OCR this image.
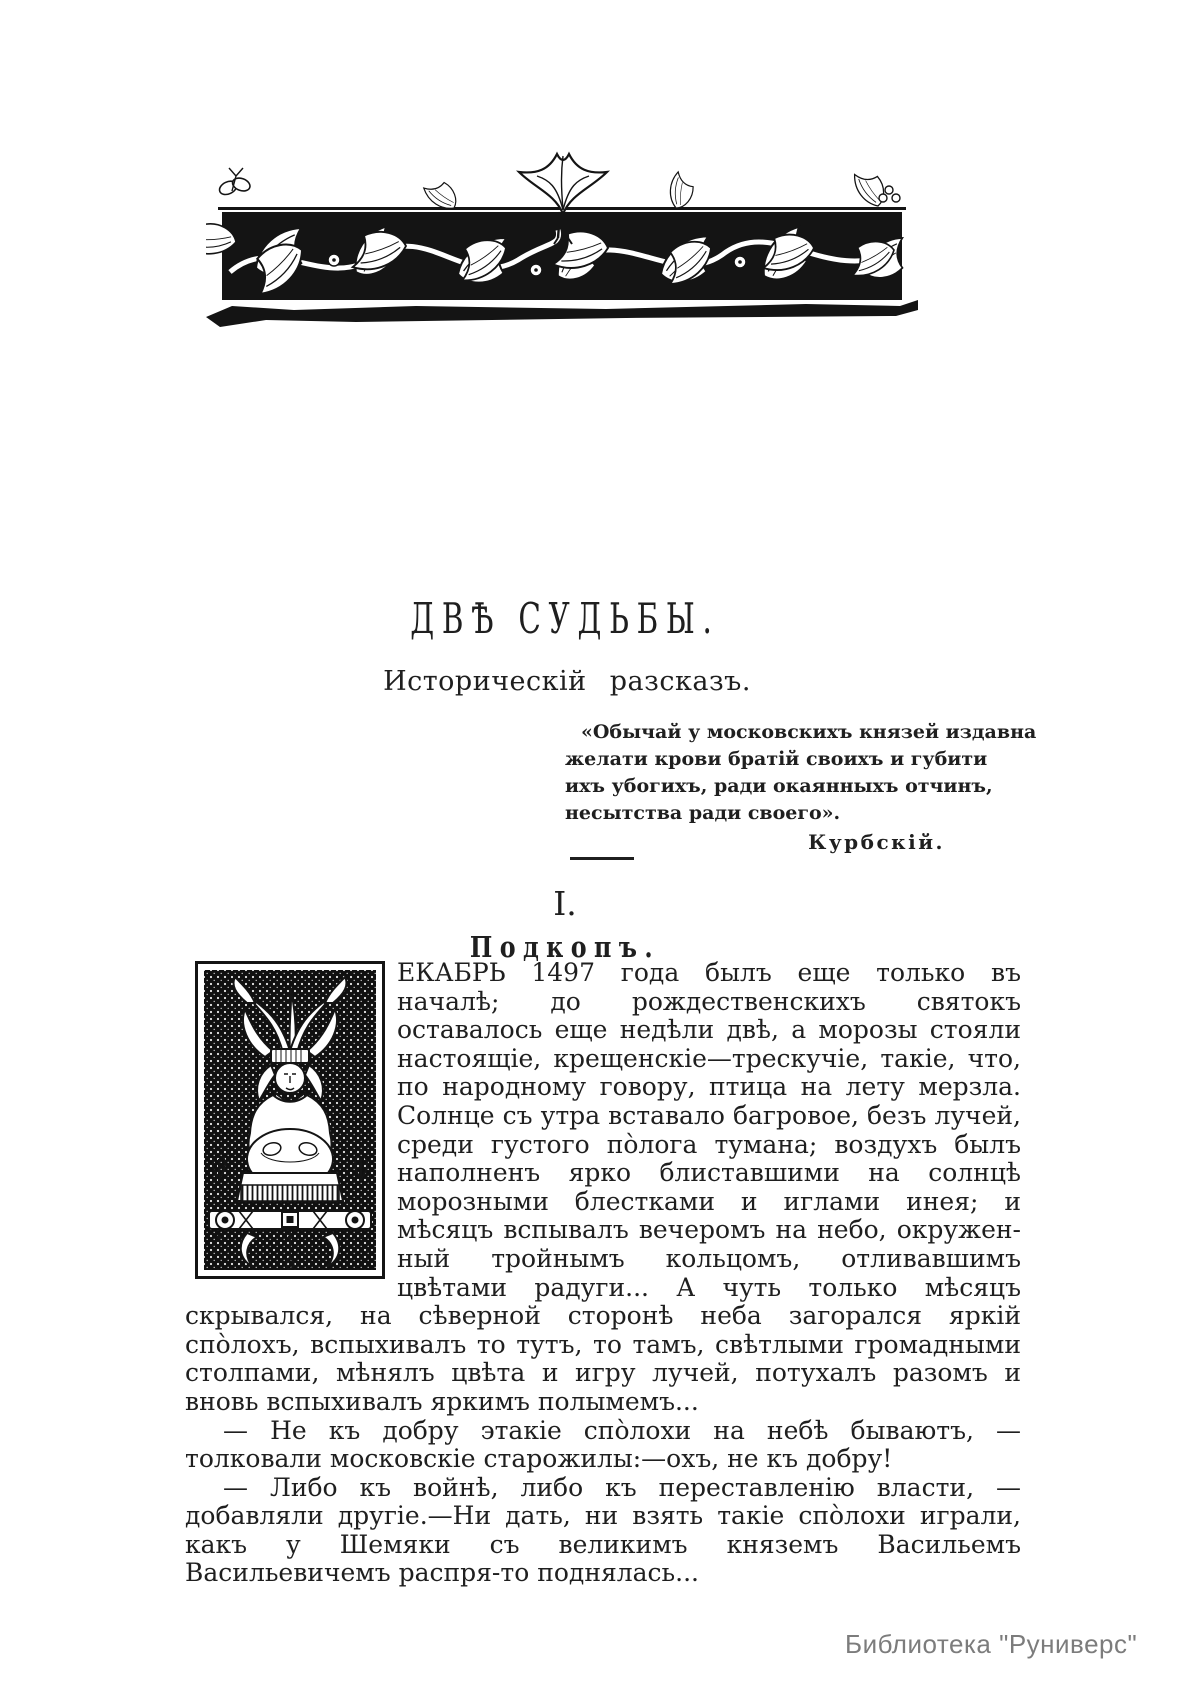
ДВѢ СУДЬБЫ.
Историческій разсказъ.
«Обычай у московскихъ князей издавна
желати крови братій своихъ и губити
ихъ убогихъ, ради окаянныхъ отчинъ,
несытства ради своего».
Курбскій.
I.
Подкопъ.

ЕКАБРЬ 1497 года былъ еще только въ началѣ; до рождественскихъ святокъ оставалось еще недѣли двѣ, а морозы стояли настоящіе, крещенскіе—трескучіе, такіе, что, по народному говору, птица на лету мерзла. Солнце съ утра вставало багровое, безъ лучей, среди густого по̀лога тумана; воздухъ былъ наполненъ ярко блиставшими на солнцѣ морозными блестками и иглами инея; и мѣсяцъ вспывалъ вечеромъ на небо, окруженный тройнымъ кольцомъ, отливавшимъ цвѣтами радуги... А чуть только мѣсяцъ скрывался, на сѣверной сторонѣ неба загорался яркій спо̀лохъ, вспыхивалъ то тутъ, то тамъ, свѣтлыми громадными столпами, мѣнялъ цвѣта и игру лучей, потухалъ разомъ и вновь вспыхивалъ яркимъ полымемъ...

— Не къ добру этакіе спо̀лохи на небѣ бываютъ, — толковали московскіе старожилы:—охъ, не къ добру!

— Либо къ войнѣ, либо къ переставленію власти, — добавляли другіе.—Ни дать, ни взять такіе спо̀лохи играли, какъ у Шемяки съ великимъ княземъ Васильемъ Васильевичемъ распря-то поднялась...

Библиотека "Руниверс"
